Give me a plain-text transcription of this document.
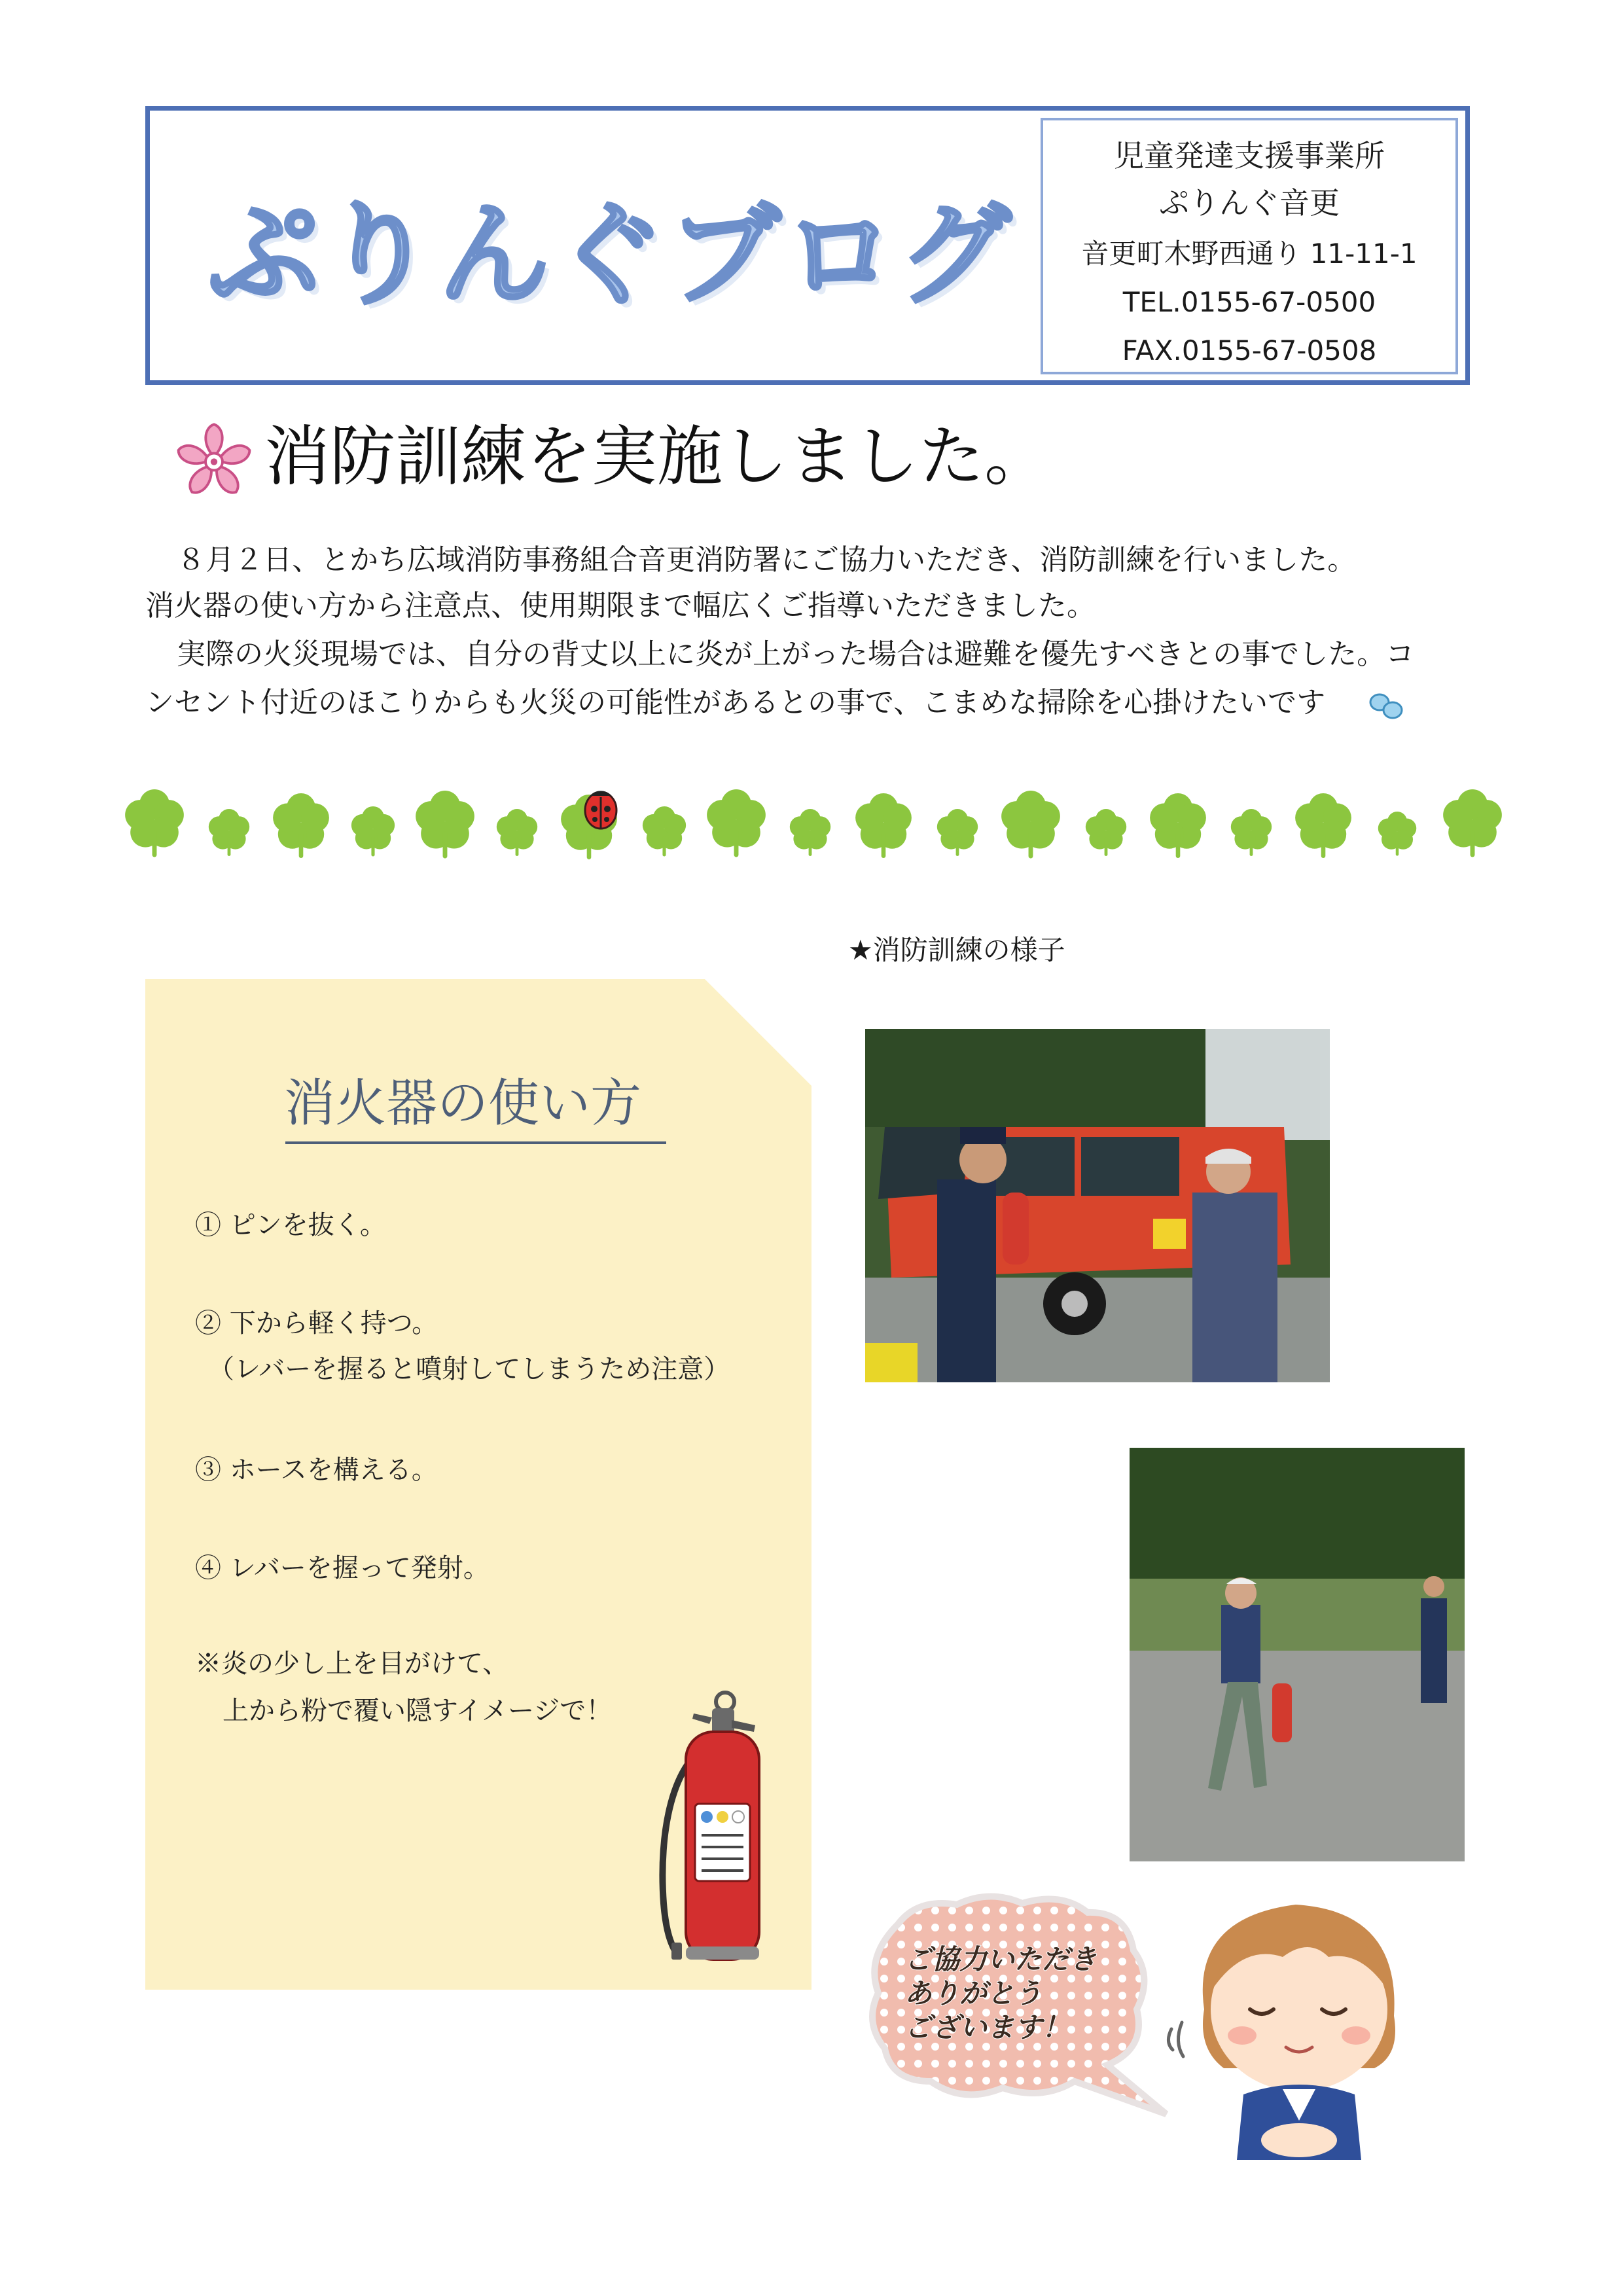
ぷりんぐブログ
児童発達支援事業所
ぷりんぐ音更
音更町木野西通り 11-11-1
TEL.0155-67-0500
FAX.0155-67-0508
消防訓練を実施しました。
８月２日、とかち広域消防事務組合音更消防署にご協力いただき、消防訓練を行いました。
消火器の使い方から注意点、使用期限まで幅広くご指導いただきました。
実際の火災現場では、自分の背丈以上に炎が上がった場合は避難を優先すべきとの事でした。コ
ンセント付近のほこりからも火災の可能性があるとの事で、こまめな掃除を心掛けたいです
★消防訓練の様子
消火器の使い方
① ピンを抜く。
② 下から軽く持つ。
（レバーを握ると噴射してしまうため注意）
③ ホースを構える。
④ レバーを握って発射。
※炎の少し上を目がけて、
上から粉で覆い隠すイメージで！
ご協力いただき
ありがとう
ございます！
